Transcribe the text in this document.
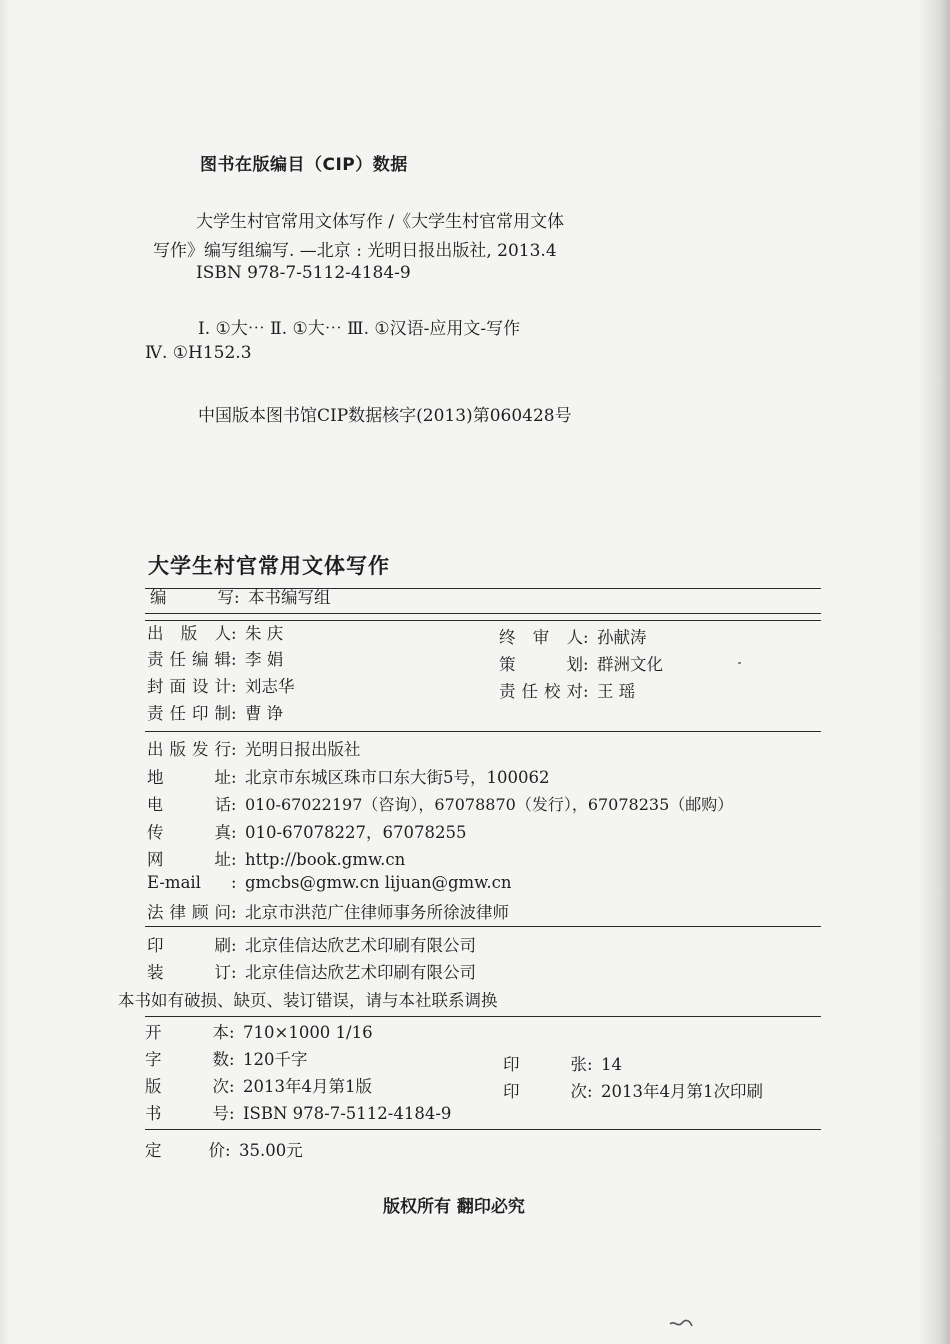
图书在版编目（CIP）数据
大学生村官常用文体写作 /《大学生村官常用文体
写作》编写组编写. —北京 : 光明日报出版社, 2013.4
ISBN 978-7-5112-4184-9
Ⅰ. ①大⋯ Ⅱ. ①大⋯ Ⅲ. ①汉语-应用文-写作
Ⅳ. ①H152.3
中国版本图书馆CIP数据核字(2013)第060428号
大学生村官常用文体写作
编写: 本书编写组
出版人: 朱 庆
责任编辑: 李 娟
封面设计: 刘志华
责任印制: 曹 诤
终审人: 孙献涛
策划: 群洲文化
责任校对: 王 瑶
出版发行: 光明日报出版社
地址: 北京市东城区珠市口东大街5号，100062
电话: 010-67022197（咨询），67078870（发行），67078235（邮购）
传真: 010-67078227，67078255
网址: http://book.gmw.cn
E-mail : gmcbs@gmw.cn lijuan@gmw.cn
法律顾问: 北京市洪范广住律师事务所徐波律师
印刷: 北京佳信达欣艺术印刷有限公司
装订: 北京佳信达欣艺术印刷有限公司
本书如有破损、缺页、装订错误，请与本社联系调换
开本: 710×1000 1/16
字数: 120千字
版次: 2013年4月第1版
书号: ISBN 978-7-5112-4184-9
印张: 14
印次: 2013年4月第1次印刷
定价: 35.00元
版权所有 翻印必究
